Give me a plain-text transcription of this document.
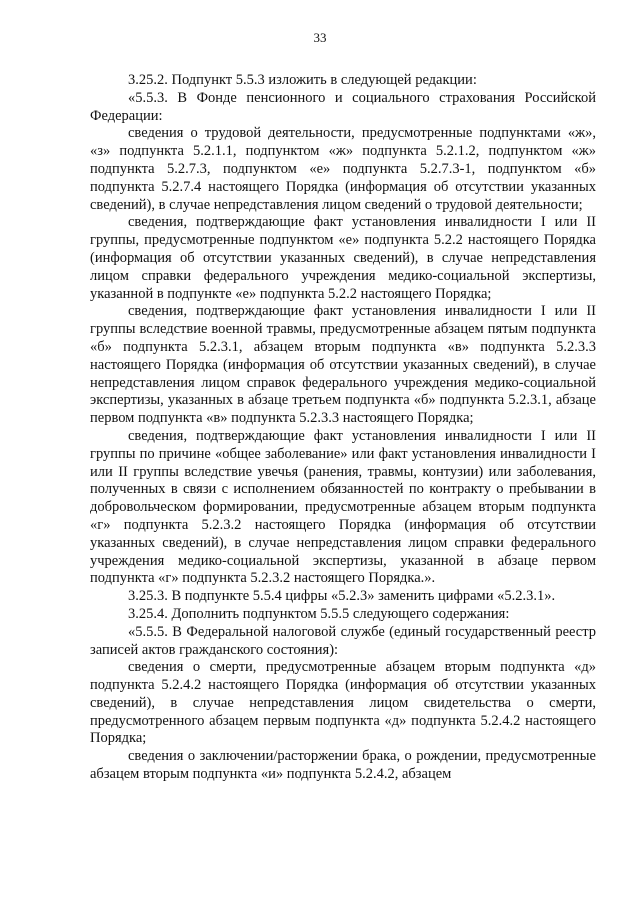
33

3.25.2. Подпункт 5.5.3 изложить в следующей редакции:

«5.5.3. В Фонде пенсионного и социального страхования Российской Федерации:

сведения о трудовой деятельности, предусмотренные подпунктами «ж», «з» подпункта 5.2.1.1, подпунктом «ж» подпункта 5.2.1.2, подпунктом «ж» подпункта 5.2.7.3, подпунктом «е» подпункта 5.2.7.3-1, подпунктом «б» подпункта 5.2.7.4 настоящего Порядка (информация об отсутствии указанных сведений), в случае непредставления лицом сведений о трудовой деятельности;

сведения, подтверждающие факт установления инвалидности I или II группы, предусмотренные подпунктом «е» подпункта 5.2.2 настоящего Порядка (информация об отсутствии указанных сведений), в случае непредставления лицом справки федерального учреждения медико-социальной экспертизы, указанной в подпункте «е» подпункта 5.2.2 настоящего Порядка;

сведения, подтверждающие факт установления инвалидности I или II группы вследствие военной травмы, предусмотренные абзацем пятым подпункта «б» подпункта 5.2.3.1, абзацем вторым подпункта «в» подпункта 5.2.3.3 настоящего Порядка (информация об отсутствии указанных сведений), в случае непредставления лицом справок федерального учреждения медико-социальной экспертизы, указанных в абзаце третьем подпункта «б» подпункта 5.2.3.1, абзаце первом подпункта «в» подпункта 5.2.3.3 настоящего Порядка;

сведения, подтверждающие факт установления инвалидности I или II группы по причине «общее заболевание» или факт установления инвалидности I или II группы вследствие увечья (ранения, травмы, контузии) или заболевания, полученных в связи с исполнением обязанностей по контракту о пребывании в добровольческом формировании, предусмотренные абзацем вторым подпункта «г» подпункта 5.2.3.2 настоящего Порядка (информация об отсутствии указанных сведений), в случае непредставления лицом справки федерального учреждения медико-социальной экспертизы, указанной в абзаце первом подпункта «г» подпункта 5.2.3.2 настоящего Порядка.».

3.25.3. В подпункте 5.5.4 цифры «5.2.3» заменить цифрами «5.2.3.1».

3.25.4. Дополнить подпунктом 5.5.5 следующего содержания:

«5.5.5. В Федеральной налоговой службе (единый государственный реестр записей актов гражданского состояния):

сведения о смерти, предусмотренные абзацем вторым подпункта «д» подпункта 5.2.4.2 настоящего Порядка (информация об отсутствии указанных сведений), в случае непредставления лицом свидетельства о смерти, предусмотренного абзацем первым подпункта «д» подпункта 5.2.4.2 настоящего Порядка;

сведения о заключении/расторжении брака, о рождении, предусмотренные абзацем вторым подпункта «и» подпункта 5.2.4.2, абзацем
